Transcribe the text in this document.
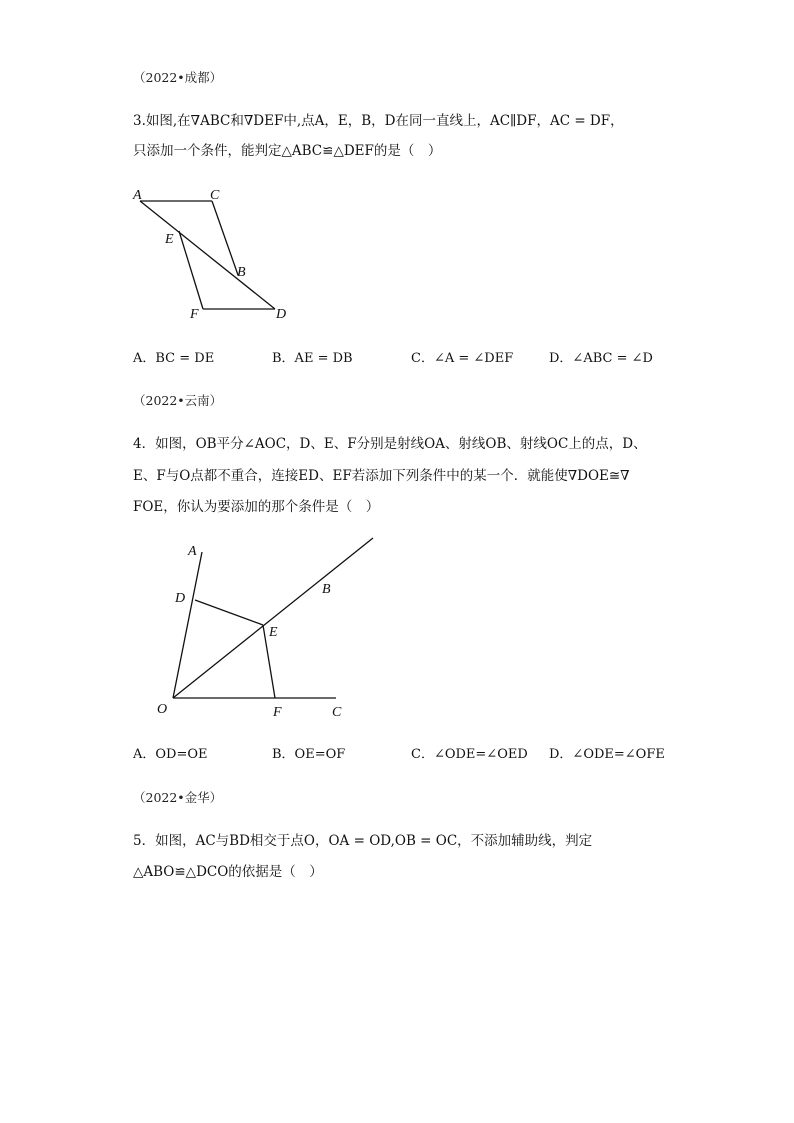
（2022•成都）
3.如图,在∇ABC和∇DEF中,点A，E，B，D在同一直线上，AC∥DF，AC = DF，
只添加一个条件，能判定△ABC≌△DEF的是（　）
A	C
E
B
F	D
A．BC = DE	B．AE = DB	C．∠A = ∠DEF	D．∠ABC = ∠D
（2022•云南）
4．如图，OB平分∠AOC，D、E、F分别是射线OA、射线OB、射线OC上的点，D、
E、F与O点都不重合，连接ED、EF若添加下列条件中的某一个．就能使∇DOE≅∇
FOE，你认为要添加的那个条件是（　）
A
D
B
E
O	F	C
A．OD=OE	B．OE=OF	C．∠ODE=∠OED D．∠ODE=∠OFE
（2022•金华）
5．如图，AC与BD相交于点O，OA = OD,OB = OC，不添加辅助线，判定
△ABO≌△DCO的依据是（　）
